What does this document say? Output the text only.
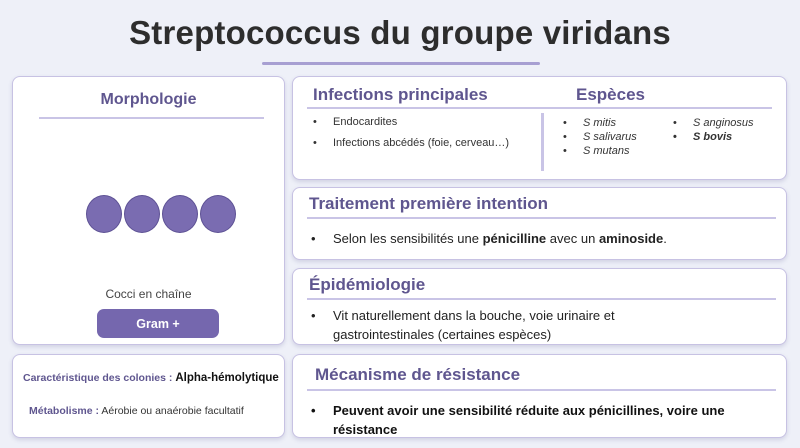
Streptococcus du groupe viridans
Morphologie
Cocci en chaîne
Gram +
Caractéristique des colonies : Alpha-hémolytique
Métabolisme : Aérobie ou anaérobie facultatif
Infections principales	Espèces
• Endocardites
• Infections abcédés (foie, cerveau…)
• S mitis
• S salivarus
• S mutans
• S anginosus
• S bovis
Traitement première intention
• Selon les sensibilités une pénicilline avec un aminoside.
Épidémiologie
• Vit naturellement dans la bouche, voie urinaire et
gastrointestinales (certaines espèces)
Mécanisme de résistance
• Peuvent avoir une sensibilité réduite aux pénicillines, voire une
résistance
